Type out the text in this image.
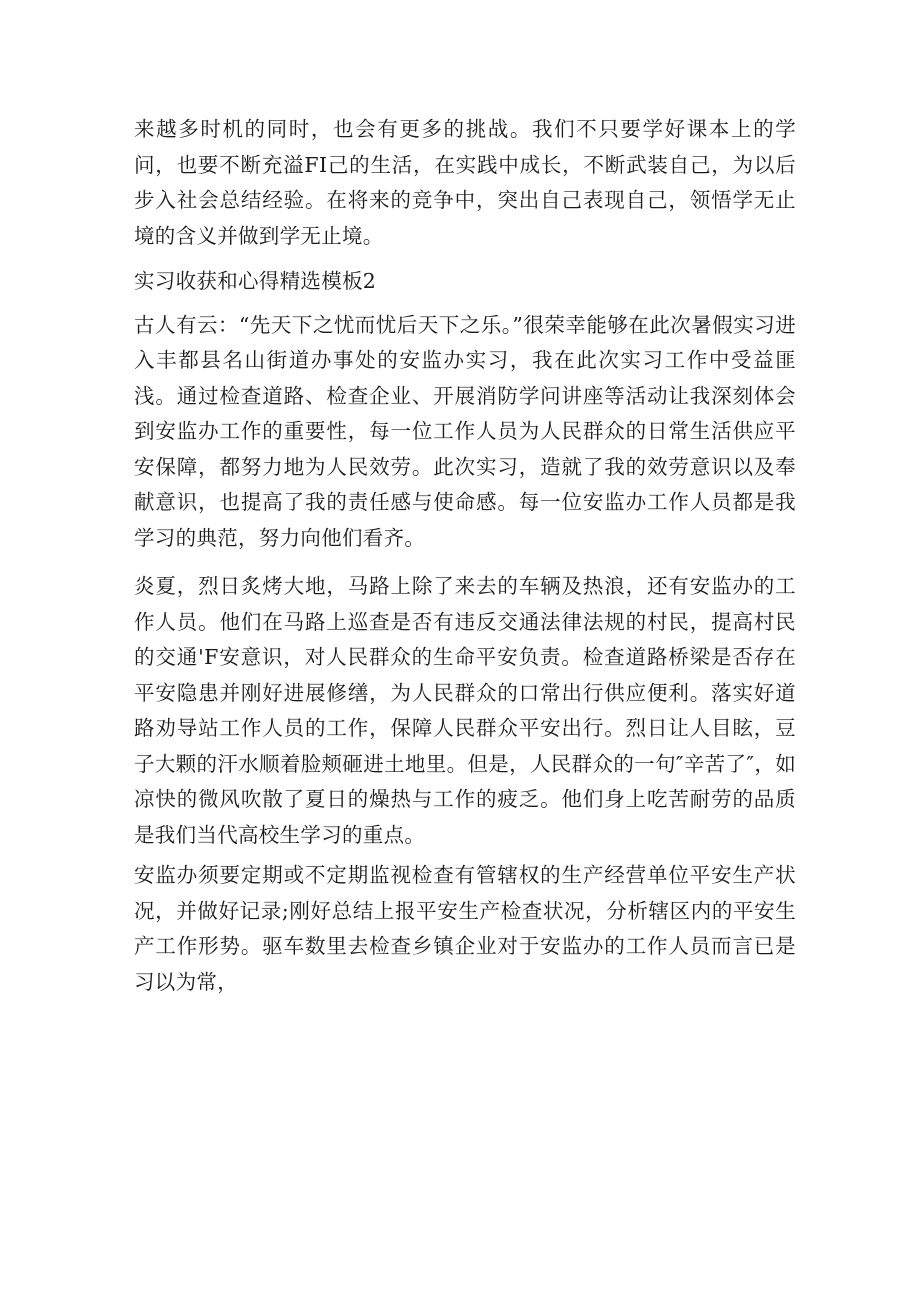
来越多时机的同时，也会有更多的挑战。我们不只要学好课本上的学问，也要不断充溢FI己的生活，在实践中成长，不断武装自己，为以后步入社会总结经验。在将来的竞争中，突出自己表现自己，领悟学无止境的含义并做到学无止境。

实习收获和心得精选模板2

古人有云：“先天下之忧而忧后天下之乐。”很荣幸能够在此次暑假实习进入丰都县名山街道办事处的安监办实习，我在此次实习工作中受益匪浅。通过检查道路、检查企业、开展消防学问讲座等活动让我深刻体会到安监办工作的重要性，每一位工作人员为人民群众的日常生活供应平安保障，都努力地为人民效劳。此次实习，造就了我的效劳意识以及奉献意识，也提高了我的责任感与使命感。每一位安监办工作人员都是我学习的典范，努力向他们看齐。

炎夏，烈日炙烤大地，马路上除了来去的车辆及热浪，还有安监办的工作人员。他们在马路上巡查是否有违反交通法律法规的村民，提高村民的交通'F安意识，对人民群众的生命平安负责。检查道路桥梁是否存在平安隐患并刚好进展修缮，为人民群众的口常出行供应便利。落实好道路劝导站工作人员的工作，保障人民群众平安出行。烈日让人目眩，豆子大颗的汗水顺着脸颊砸进土地里。但是，人民群众的一句″辛苦了″，如凉快的微风吹散了夏日的燥热与工作的疲乏。他们身上吃苦耐劳的品质是我们当代高校生学习的重点。

安监办须要定期或不定期监视检查有管辖权的生产经营单位平安生产状况，并做好记录;刚好总结上报平安生产检查状况，分析辖区内的平安生产工作形势。驱车数里去检查乡镇企业对于安监办的工作人员而言已是习以为常，
